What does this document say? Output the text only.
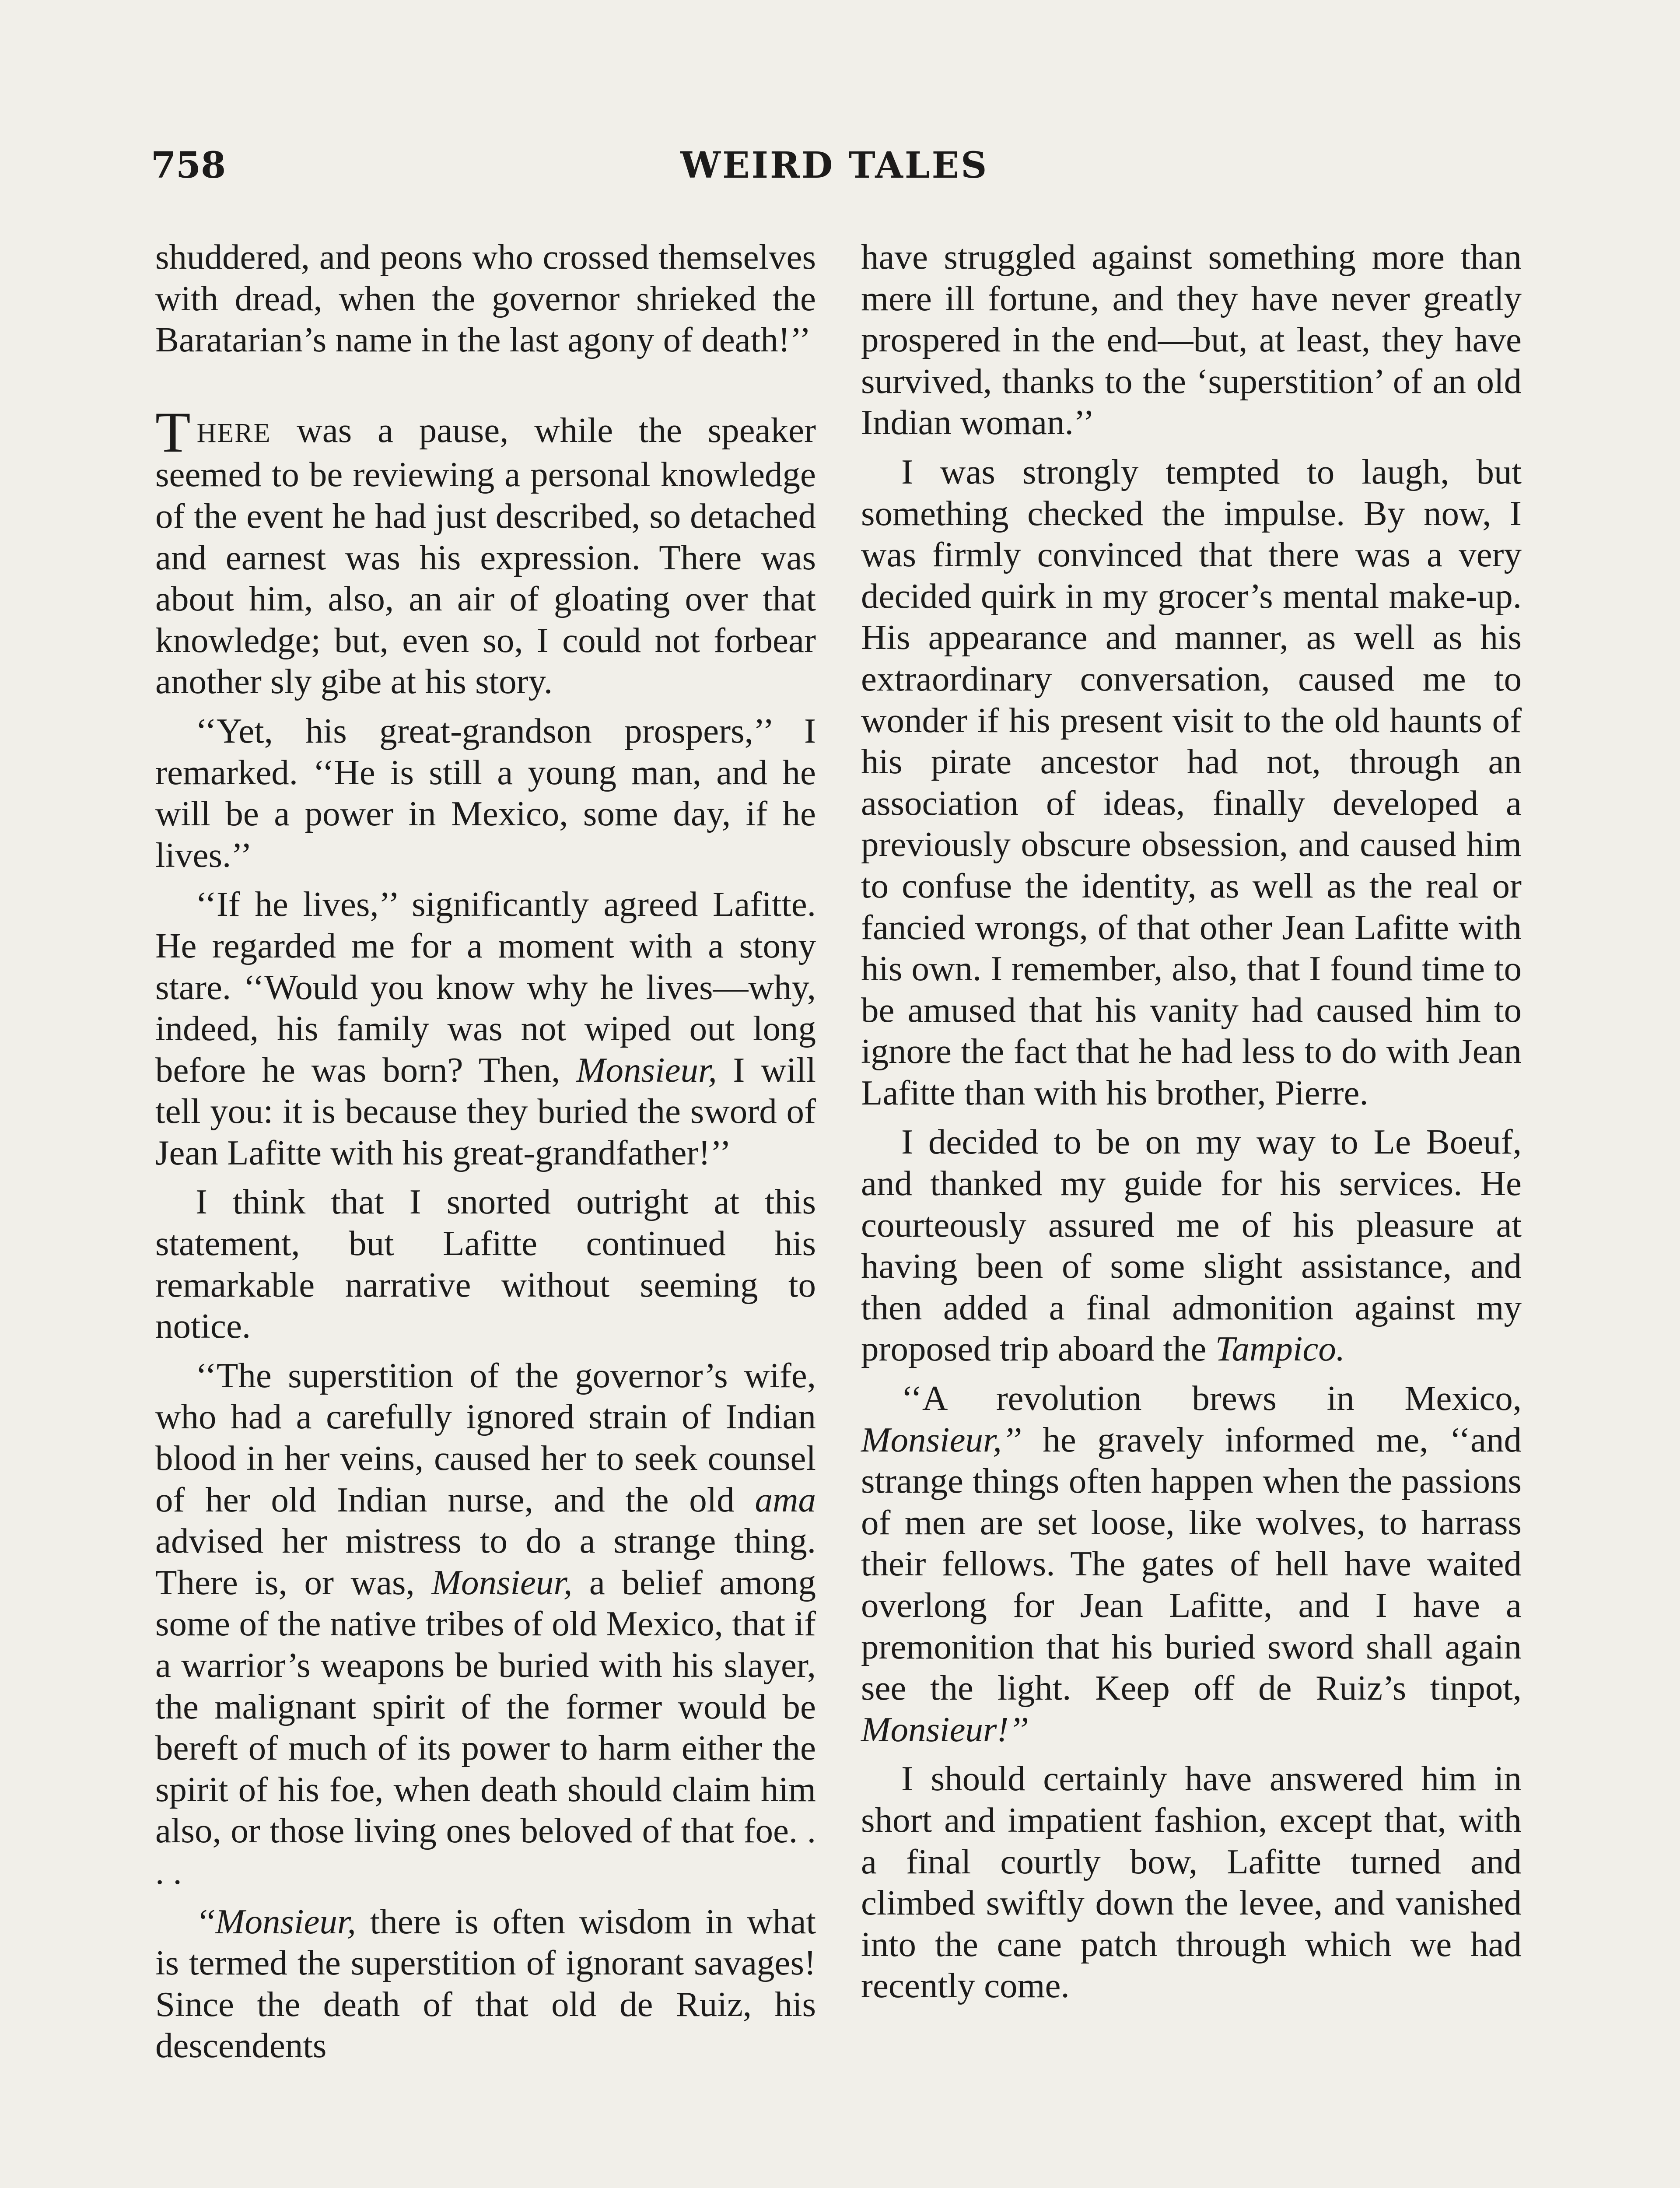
758	WEIRD TALES

shuddered, and peons who crossed themselves with dread, when the governor shrieked the Baratarian’s name in the last agony of death!’’

THERE was a pause, while the speaker seemed to be reviewing a personal knowledge of the event he had just described, so detached and earnest was his expression. There was about him, also, an air of gloating over that knowledge; but, even so, I could not forbear another sly gibe at his story.

‘‘Yet, his great-grandson prospers,’’ I remarked. ‘‘He is still a young man, and he will be a power in Mexico, some day, if he lives.’’

‘‘If he lives,’’ significantly agreed Lafitte. He regarded me for a moment with a stony stare. ‘‘Would you know why he lives—why, indeed, his family was not wiped out long before he was born? Then, Monsieur, I will tell you: it is because they buried the sword of Jean Lafitte with his great-grandfather!’’

I think that I snorted outright at this statement, but Lafitte continued his remarkable narrative without seeming to notice.

‘‘The superstition of the governor’s wife, who had a carefully ignored strain of Indian blood in her veins, caused her to seek counsel of her old Indian nurse, and the old ama advised her mistress to do a strange thing. There is, or was, Monsieur, a belief among some of the native tribes of old Mexico, that if a warrior’s weapons be buried with his slayer, the malignant spirit of the former would be bereft of much of its power to harm either the spirit of his foe, when death should claim him also, or those living ones beloved of that foe. . . .

‘‘Monsieur, there is often wisdom in what is termed the superstition of ignorant savages! Since the death of that old de Ruiz, his descendents

have struggled against something more than mere ill fortune, and they have never greatly prospered in the end—but, at least, they have survived, thanks to the ‘superstition’ of an old Indian woman.’’

I was strongly tempted to laugh, but something checked the impulse. By now, I was firmly convinced that there was a very decided quirk in my grocer’s mental make-up. His appearance and manner, as well as his extraordinary conversation, caused me to wonder if his present visit to the old haunts of his pirate ancestor had not, through an association of ideas, finally developed a previously obscure obsession, and caused him to confuse the identity, as well as the real or fancied wrongs, of that other Jean Lafitte with his own. I remember, also, that I found time to be amused that his vanity had caused him to ignore the fact that he had less to do with Jean Lafitte than with his brother, Pierre.

I decided to be on my way to Le Boeuf, and thanked my guide for his services. He courteously assured me of his pleasure at having been of some slight assistance, and then added a final admonition against my proposed trip aboard the Tampico.

‘‘A revolution brews in Mexico, Monsieur,’’ he gravely informed me, ‘‘and strange things often happen when the passions of men are set loose, like wolves, to harrass their fellows. The gates of hell have waited overlong for Jean Lafitte, and I have a premonition that his buried sword shall again see the light. Keep off de Ruiz’s tinpot, Monsieur!’’

I should certainly have answered him in short and impatient fashion, except that, with a final courtly bow, Lafitte turned and climbed swiftly down the levee, and vanished into the cane patch through which we had recently come.
